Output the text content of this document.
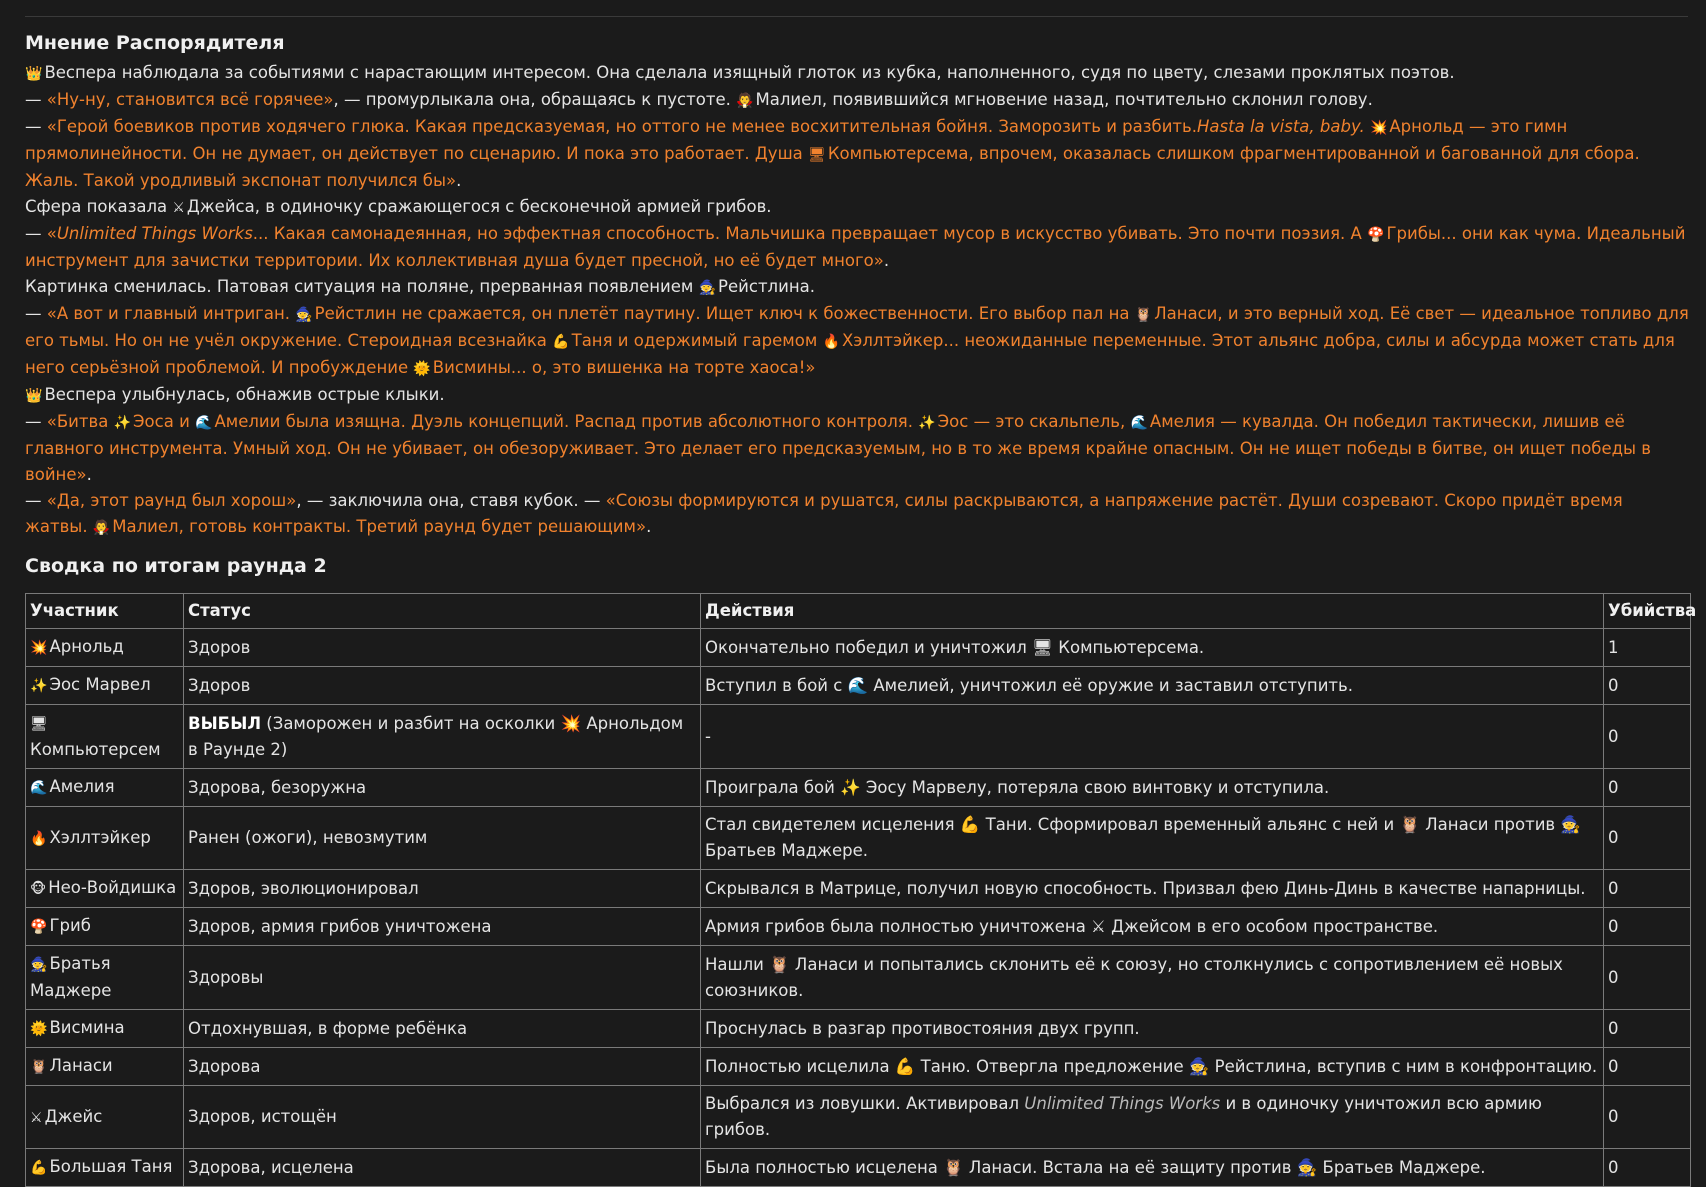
Мнение Распорядителя

👑 Веспера наблюдала за событиями с нарастающим интересом. Она сделала изящный глоток из кубка, наполненного, судя по цвету, слезами проклятых поэтов.

— «Ну-ну, становится всё горячее», — промурлыкала она, обращаясь к пустоте. 🧛 Малиел, появившийся мгновение назад, почтительно склонил голову.

— «Герой боевиков против ходячего глюка. Какая предсказуемая, но оттого не менее восхитительная бойня. Заморозить и разбить.Hasta la vista, baby. 💥 Арнольд — это гимн прямолинейности. Он не думает, он действует по сценарию. И пока это работает. Душа 🖥 Компьютерсема, впрочем, оказалась слишком фрагментированной и багованной для сбора. Жаль. Такой уродливый экспонат получился бы».

Сфера показала ⚔ Джейса, в одиночку сражающегося с бесконечной армией грибов.

— «Unlimited Things Works... Какая самонадеянная, но эффектная способность. Мальчишка превращает мусор в искусство убивать. Это почти поэзия. А 🍄 Грибы... они как чума. Идеальный инструмент для зачистки территории. Их коллективная душа будет пресной, но её будет много».

Картинка сменилась. Патовая ситуация на поляне, прерванная появлением 🧙 Рейстлина.

— «А вот и главный интриган. 🧙 Рейстлин не сражается, он плетёт паутину. Ищет ключ к божественности. Его выбор пал на 🦉 Ланаси, и это верный ход. Её свет — идеальное топливо для его тьмы. Но он не учёл окружение. Стероидная всезнайка 💪 Таня и одержимый гаремом 🔥 Хэллтэйкер... неожиданные переменные. Этот альянс добра, силы и абсурда может стать для него серьёзной проблемой. И пробуждение 🌞 Висмины... о, это вишенка на торте хаоса!»

👑 Веспера улыбнулась, обнажив острые клыки.

— «Битва ✨ Эоса и 🌊 Амелии была изящна. Дуэль концепций. Распад против абсолютного контроля. ✨ Эос — это скальпель, 🌊 Амелия — кувалда. Он победил тактически, лишив её главного инструмента. Умный ход. Он не убивает, он обезоруживает. Это делает его предсказуемым, но в то же время крайне опасным. Он не ищет победы в битве, он ищет победы в войне».

— «Да, этот раунд был хорош», — заключила она, ставя кубок. — «Союзы формируются и рушатся, силы раскрываются, а напряжение растёт. Души созревают. Скоро придёт время жатвы. 🧛 Малиел, готовь контракты. Третий раунд будет решающим».

Сводка по итогам раунда 2
Участник	Статус	Действия	Убийства
💥 Арнольд	Здоров	Окончательно победил и уничтожил 🖥 Компьютерсема.	1
✨ Эос Марвел	Здоров	Вступил в бой с 🌊 Амелией, уничтожил её оружие и заставил отступить.	0
🖥
Компьютерсем	ВЫБЫЛ (Заморожен и разбит на осколки 💥 Арнольдом в Раунде 2)	-	0
🌊 Амелия	Здорова, безоружна	Проиграла бой ✨ Эосу Марвелу, потеряла свою винтовку и отступила.	0
🔥 Хэллтэйкер	Ранен (ожоги), невозмутим	Стал свидетелем исцеления 💪 Тани. Сформировал временный альянс с ней и 🦉 Ланаси против 🧙 Братьев Маджере.	0
🐵 Нео-Войдишка	Здоров, эволюционировал	Скрывался в Матрице, получил новую способность. Призвал фею Динь-Динь в качестве напарницы.	0
🍄 Гриб	Здоров, армия грибов уничтожена	Армия грибов была полностью уничтожена ⚔ Джейсом в его особом пространстве.	0
🧙 Братья Маджере	Здоровы	Нашли 🦉 Ланаси и попытались склонить её к союзу, но столкнулись с сопротивлением её новых союзников.	0
🌞 Висмина	Отдохнувшая, в форме ребёнка	Проснулась в разгар противостояния двух групп.	0
🦉 Ланаси	Здорова	Полностью исцелила 💪 Таню. Отвергла предложение 🧙 Рейстлина, вступив с ним в конфронтацию.	0
⚔ Джейс	Здоров, истощён	Выбрался из ловушки. Активировал Unlimited Things Works и в одиночку уничтожил всю армию грибов.	0
💪 Большая Таня	Здорова, исцелена	Была полностью исцелена 🦉 Ланаси. Встала на её защиту против 🧙 Братьев Маджере.	0
